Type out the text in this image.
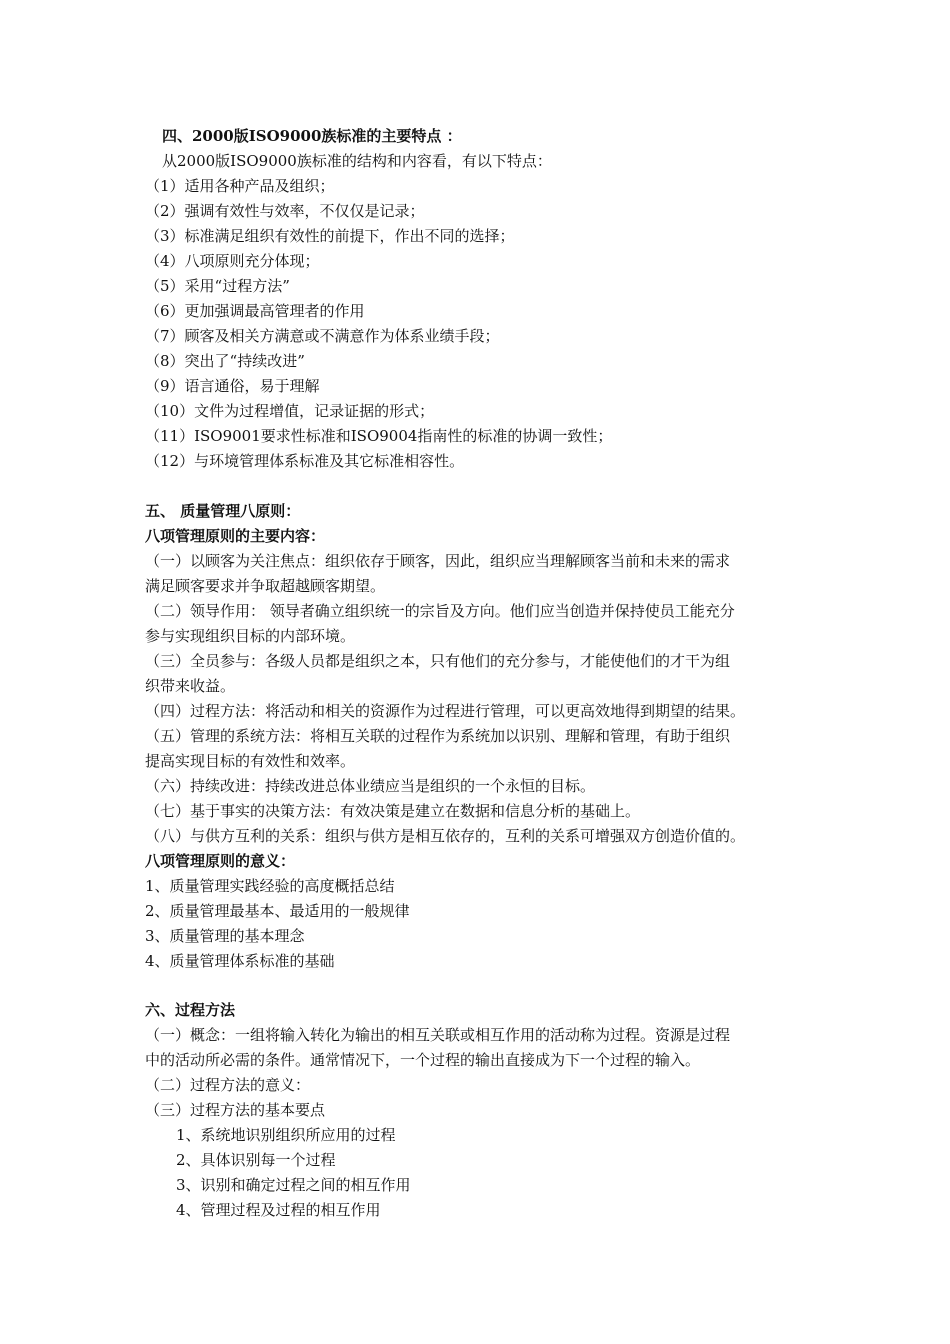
四、2000版ISO9000族标准的主要特点 ：
从2000版ISO9000族标准的结构和内容看，有以下特点：
（1）适用各种产品及组织；
（2）强调有效性与效率，不仅仅是记录；
（3）标准满足组织有效性的前提下，作出不同的选择；
（4）八项原则充分体现；
（5）采用“过程方法”
（6）更加强调最高管理者的作用
（7）顾客及相关方满意或不满意作为体系业绩手段；
（8）突出了“持续改进”
（9）语言通俗，易于理解
（10）文件为过程增值，记录证据的形式；
（11）ISO9001要求性标准和ISO9004指南性的标准的协调一致性；
（12）与环境管理体系标准及其它标准相容性。
五、 质量管理八原则：
八项管理原则的主要内容：
（一）以顾客为关注焦点：组织依存于顾客，因此，组织应当理解顾客当前和未来的需求
满足顾客要求并争取超越顾客期望。
（二）领导作用： 领导者确立组织统一的宗旨及方向。他们应当创造并保持使员工能充分
参与实现组织目标的内部环境。
（三）全员参与：各级人员都是组织之本，只有他们的充分参与，才能使他们的才干为组
织带来收益。
（四）过程方法：将活动和相关的资源作为过程进行管理，可以更高效地得到期望的结果。
（五）管理的系统方法：将相互关联的过程作为系统加以识别、理解和管理，有助于组织
提高实现目标的有效性和效率。
（六）持续改进：持续改进总体业绩应当是组织的一个永恒的目标。
（七）基于事实的决策方法：有效决策是建立在数据和信息分析的基础上。
（八）与供方互利的关系：组织与供方是相互依存的，互利的关系可增强双方创造价值的。
八项管理原则的意义：
1、质量管理实践经验的高度概括总结
2、质量管理最基本、最适用的一般规律
3、质量管理的基本理念
4、质量管理体系标准的基础
六、过程方法
（一）概念：一组将输入转化为输出的相互关联或相互作用的活动称为过程。资源是过程
中的活动所必需的条件。通常情况下，一个过程的输出直接成为下一个过程的输入。
（二）过程方法的意义：
（三）过程方法的基本要点
1、系统地识别组织所应用的过程
2、具体识别每一个过程
3、识别和确定过程之间的相互作用
4、管理过程及过程的相互作用
